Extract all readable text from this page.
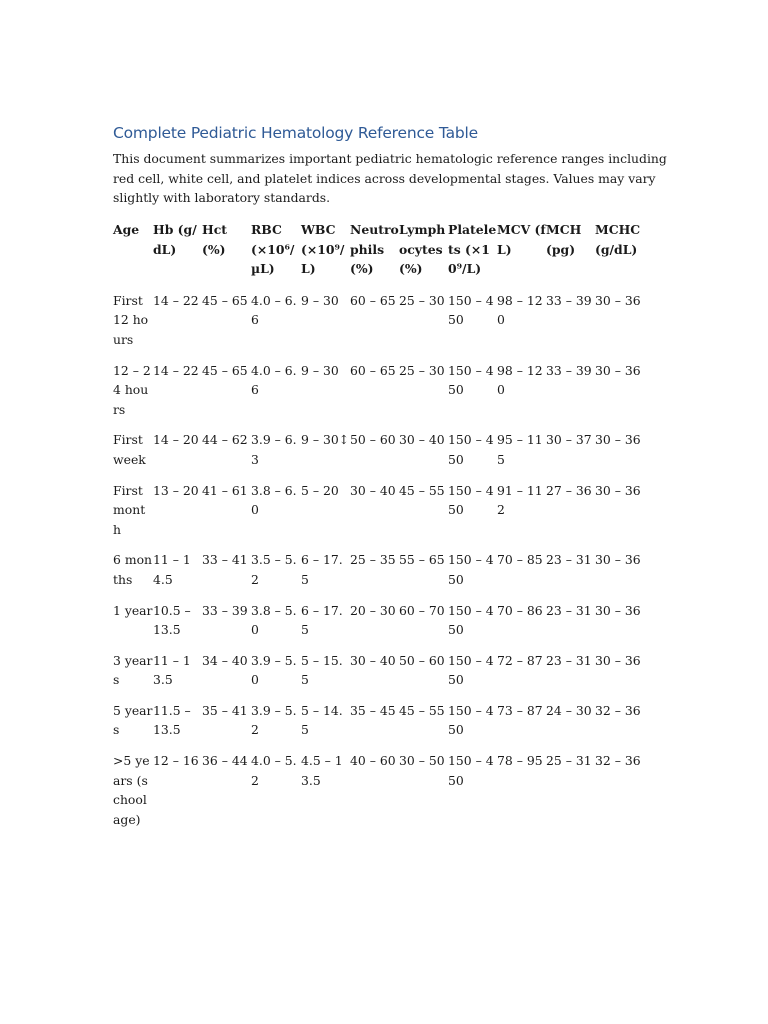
Complete Pediatric Hematology Reference Table
This document summarizes important pediatric hematologic reference ranges including red cell, white cell, and platelet indices across developmental stages. Values may vary slightly with laboratory standards.
Age	Hb (g/dL)	Hct (%)	RBC (×10⁶/µL)	WBC (×10⁹/L)	Neutrophils (%)	Lymphocytes (%)	Platelets (×10⁹/L)	MCV (fL)	MCH (pg)	MCHC (g/dL)
First 12 hours	14 – 22	45 – 65	4.0 – 6.6	9 – 30	60 – 65	25 – 30	150 – 450	98 – 120	33 – 39	30 – 36
12 – 24 hours	14 – 22	45 – 65	4.0 – 6.6	9 – 30	60 – 65	25 – 30	150 – 450	98 – 120	33 – 39	30 – 36
First week	14 – 20	44 – 62	3.9 – 6.3	9 – 30↕	50 – 60	30 – 40	150 – 450	95 – 115	30 – 37	30 – 36
First month	13 – 20	41 – 61	3.8 – 6.0	5 – 20	30 – 40	45 – 55	150 – 450	91 – 112	27 – 36	30 – 36
6 months	11 – 14.5	33 – 41	3.5 – 5.2	6 – 17.5	25 – 35	55 – 65	150 – 450	70 – 85	23 – 31	30 – 36
1 year	10.5 – 13.5	33 – 39	3.8 – 5.0	6 – 17.5	20 – 30	60 – 70	150 – 450	70 – 86	23 – 31	30 – 36
3 years	11 – 13.5	34 – 40	3.9 – 5.0	5 – 15.5	30 – 40	50 – 60	150 – 450	72 – 87	23 – 31	30 – 36
5 years	11.5 – 13.5	35 – 41	3.9 – 5.2	5 – 14.5	35 – 45	45 – 55	150 – 450	73 – 87	24 – 30	32 – 36
>5 years (school age)	12 – 16	36 – 44	4.0 – 5.2	4.5 – 13.5	40 – 60	30 – 50	150 – 450	78 – 95	25 – 31	32 – 36
